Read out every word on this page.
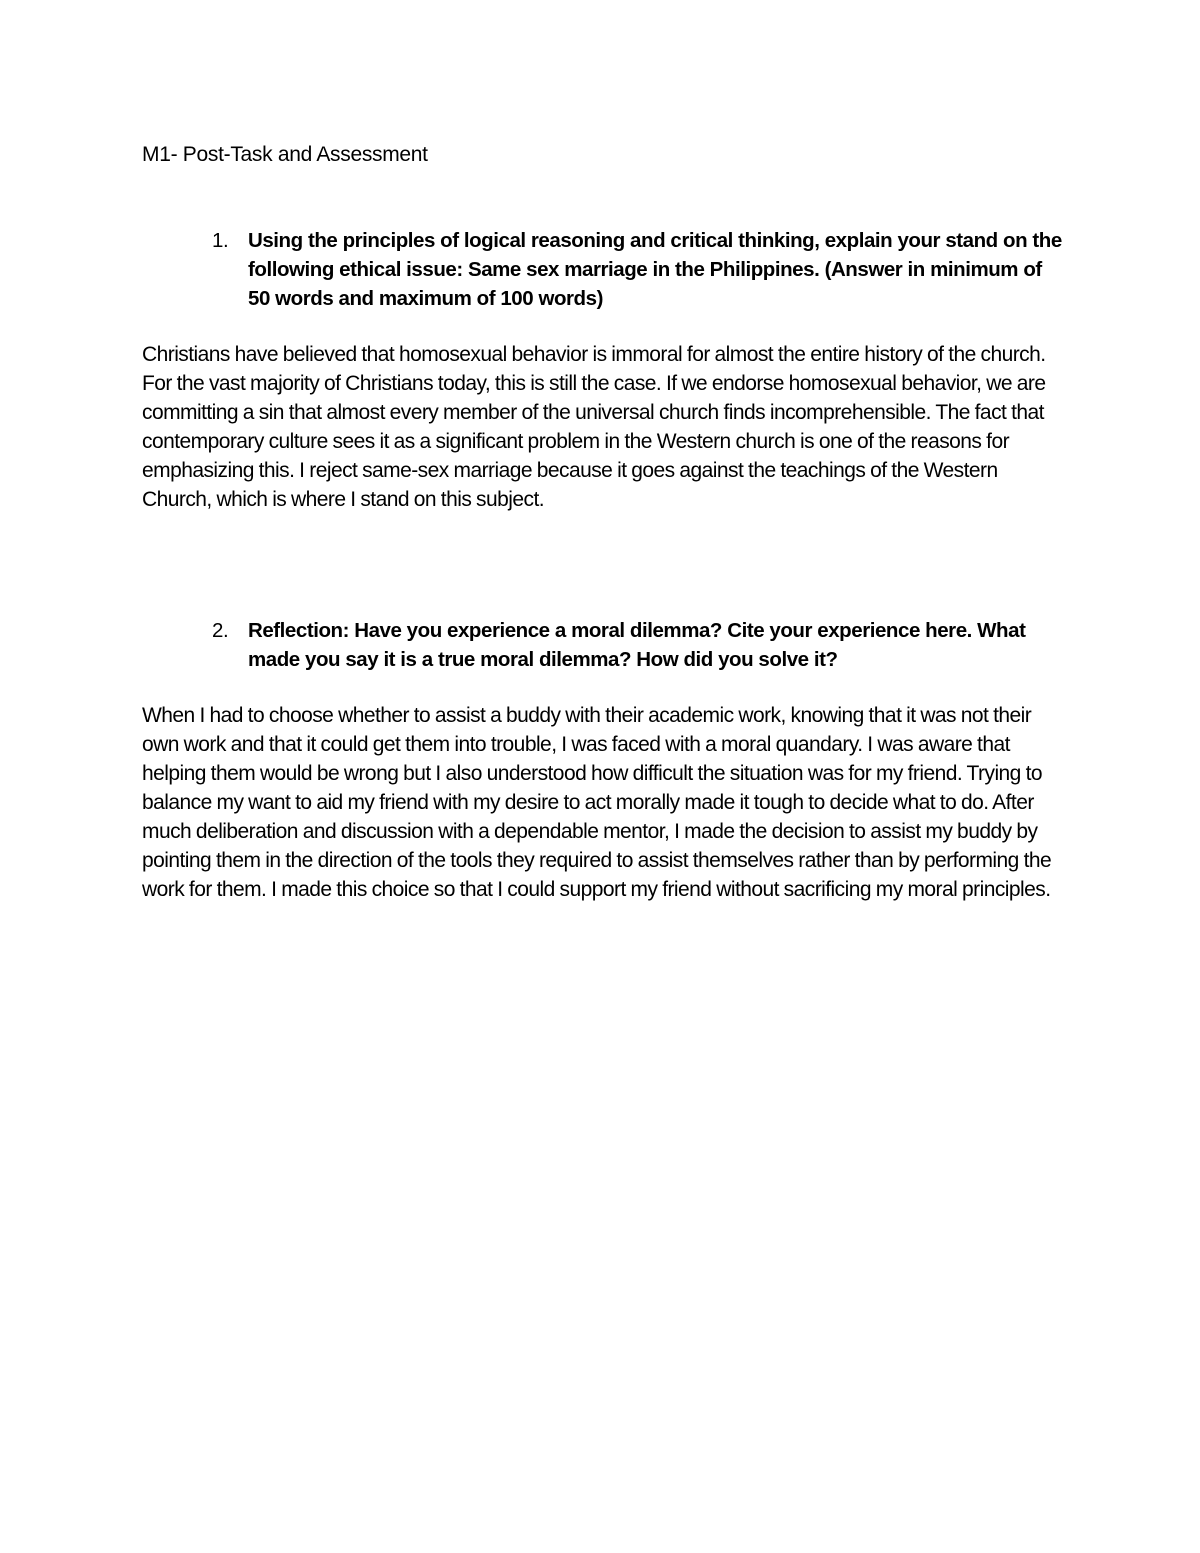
M1- Post-Task and Assessment
1. Using the principles of logical reasoning and critical thinking, explain your stand on the following ethical issue: Same sex marriage in the Philippines. (Answer in minimum of 50 words and maximum of 100 words)
Christians have believed that homosexual behavior is immoral for almost the entire history of the church. For the vast majority of Christians today, this is still the case. If we endorse homosexual behavior, we are committing a sin that almost every member of the universal church finds incomprehensible. The fact that contemporary culture sees it as a significant problem in the Western church is one of the reasons for emphasizing this. I reject same-sex marriage because it goes against the teachings of the Western Church, which is where I stand on this subject.
2. Reflection: Have you experience a moral dilemma? Cite your experience here. What made you say it is a true moral dilemma? How did you solve it?
When I had to choose whether to assist a buddy with their academic work, knowing that it was not their own work and that it could get them into trouble, I was faced with a moral quandary. I was aware that helping them would be wrong but I also understood how difficult the situation was for my friend. Trying to balance my want to aid my friend with my desire to act morally made it tough to decide what to do. After much deliberation and discussion with a dependable mentor, I made the decision to assist my buddy by pointing them in the direction of the tools they required to assist themselves rather than by performing the work for them. I made this choice so that I could support my friend without sacrificing my moral principles.
